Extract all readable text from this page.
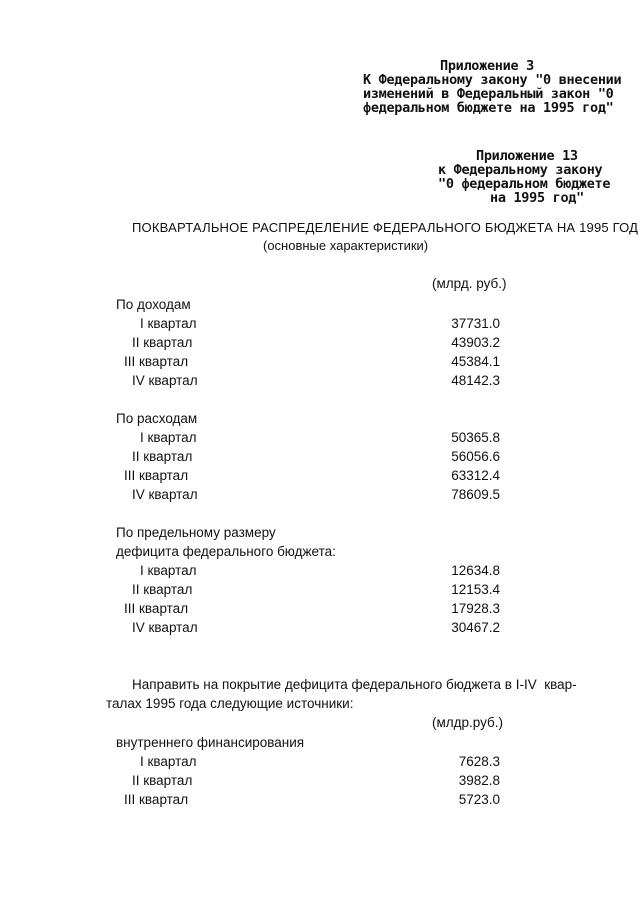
Приложение 3
К Федеральному закону "0 внесении
изменений в Федеральный закон "0
федеральном бюджете на 1995 год"
Приложение 13
к Федеральному закону
"0 федеральном бюджете
на 1995 год"
ПОКВАРТАЛЬНОЕ РАСПРЕДЕЛЕНИЕ ФЕДЕРАЛЬНОГО БЮДЖЕТА НА 1995 ГОД
(основные характеристики)
(млрд. руб.)
По доходам
I квартал	37731.0
II квартал	43903.2
III квартал	45384.1
IV квартал	48142.3
По расходам
I квартал	50365.8
II квартал	56056.6
III квартал	63312.4
IV квартал	78609.5
По предельному размеру
дефицита федерального бюджета:
I квартал	12634.8
II квартал	12153.4
III квартал	17928.3
IV квартал	30467.2
Направить на покрытие дефицита федерального бюджета в I-IV  квар-
талах 1995 года следующие источники:
(млдр.руб.)
внутреннего финансирования
I квартал	7628.3
II квартал	3982.8
III квартал	5723.0
